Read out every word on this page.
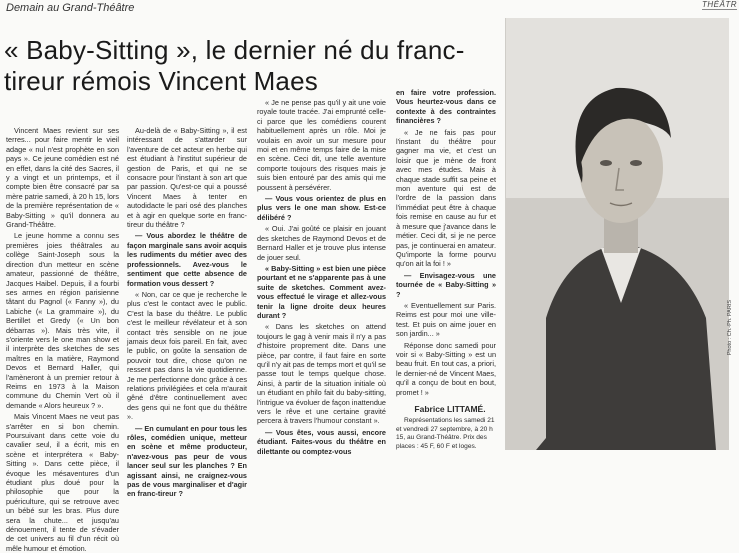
Demain au Grand-Théâtre	THÉÂTR
« Baby-Sitting », le dernier né du franc-tireur rémois Vincent Maes

Vincent Maes revient sur ses terres... pour faire mentir le vieil adage « nul n'est prophète en son pays ». Ce jeune comédien est né en effet, dans la cité des Sacres, il y a vingt et un printemps, et il compte bien être consacré par sa mère patrie samedi, à 20 h 15, lors de la première représentation de « Baby-Sitting » qu'il donnera au Grand-Théâtre.

Le jeune homme a connu ses premières joies théâtrales au collège Saint-Joseph sous la direction d'un metteur en scène amateur, passionné de théâtre, Jacques Haibel. Depuis, il a fourbi ses armes en région parisienne tâtant du Pagnol (« Fanny »), du Labiche (« La grammaire »), du Bertillet et Gredy (« Un bon débarras »). Mais très vite, il s'oriente vers le one man show et il interprète des sketches de ses maîtres en la matière, Raymond Devos et Bernard Haller, qui l'amèneront à un premier retour à Reims en 1973 à la Maison commune du Chemin Vert où il demande « Alors heureux ? ».

Mais Vincent Maes ne veut pas s'arrêter en si bon chemin. Poursuivant dans cette voie du cavalier seul, il a écrit, mis en scène et interprétera « Baby-Sitting ». Dans cette pièce, il évoque les mésaventures d'un étudiant plus doué pour la philosophie que pour la puériculture, qui se retrouve avec un bébé sur les bras. Plus dure sera la chute... et jusqu'au dénouement, il tente de s'évader de cet univers au fil d'un récit où mêle humour et émotion.

Au-delà de « Baby-Sitting », il est intéressant de s'attarder sur l'aventure de cet acteur en herbe qui est étudiant à l'institut supérieur de gestion de Paris, et qui ne se consacre pour l'instant à son art que par passion. Qu'est-ce qui a poussé Vincent Maes à tenter en autodidacte le pari osé des planches et à agir en quelque sorte en franc-tireur du théâtre ?

— Vous abordez le théâtre de façon marginale sans avoir acquis les rudiments du métier avec des professionnels. Avez-vous le sentiment que cette absence de formation vous dessert ?

« Non, car ce que je recherche le plus c'est le contact avec le public. C'est la base du théâtre. Le public c'est le meilleur révélateur et à son contact très sensible on ne joue jamais deux fois pareil. En fait, avec le public, on goûte la sensation de pouvoir tout dire, chose qu'on ne ressent pas dans la vie quotidienne. Je me perfectionne donc grâce à ces relations privilégiées et cela m'aurait gêné d'être continuellement avec des gens qui ne font que du théâtre ».

— En cumulant en pour tous les rôles, comédien unique, metteur en scène et même producteur, n'avez-vous pas peur de vous lancer seul sur les planches ? En agissant ainsi, ne craignez-vous pas de vous marginaliser et d'agir en franc-tireur ?

« Je ne pense pas qu'il y ait une voie royale toute tracée. J'ai emprunté celle-ci parce que les comédiens courent habituellement après un rôle. Moi je voulais en avoir un sur mesure pour moi et en même temps faire de la mise en scène. Ceci dit, une telle aventure comporte toujours des risques mais je suis bien entouré par des amis qui me poussent à persévérer.

— Vous vous orientez de plus en plus vers le one man show. Est-ce délibéré ?

« Oui. J'ai goûté ce plaisir en jouant des sketches de Raymond Devos et de Bernard Haller et je trouve plus intense de jouer seul.

« Baby-Sitting » est bien une pièce pourtant et ne s'apparente pas à une suite de sketches. Comment avez-vous effectué le virage et allez-vous tenir la ligne droite deux heures durant ?

« Dans les sketches on attend toujours le gag à venir mais il n'y a pas d'histoire proprement dite. Dans une pièce, par contre, il faut faire en sorte qu'il n'y ait pas de temps mort et qu'il se passe tout le temps quelque chose. Ainsi, à partir de la situation initiale où un étudiant en philo fait du baby-sitting, l'intrigue va évoluer de façon inattendue vers le rêve et une certaine gravité percera à travers l'humour constant ».

— Vous êtes, vous aussi, encore étudiant. Faites-vous du théâtre en dilettante ou comptez-vous

en faire votre profession. Vous heurtez-vous dans ce contexte à des contraintes financières ?

« Je ne fais pas pour l'instant du théâtre pour gagner ma vie, et c'est un loisir que je mène de front avec mes études. Mais à chaque stade suffit sa peine et mon aventure qui est de l'ordre de la passion dans l'immédiat peut être à chaque fois remise en cause au fur et à mesure que j'avance dans le métier. Ceci dit, si je ne perce pas, je continuerai en amateur. Qu'importe la forme pourvu qu'on ait la foi ! »

— Envisagez-vous une tournée de « Baby-Sitting » ?

« Eventuellement sur Paris. Reims est pour moi une ville-test. Et puis on aime jouer en son jardin... »

Réponse donc samedi pour voir si « Baby-Sitting » est un beau fruit. En tout cas, a priori, le dernier-né de Vincent Maes, qu'il a conçu de bout en bout, promet ! »

Fabrice LITTAMÉ.

Représentations les samedi 21 et vendredi 27 septembre, à 20 h 15, au Grand-Théâtre. Prix des places : 45 F, 60 F et loges.

Photo : Ch.-Ph. PARIS
